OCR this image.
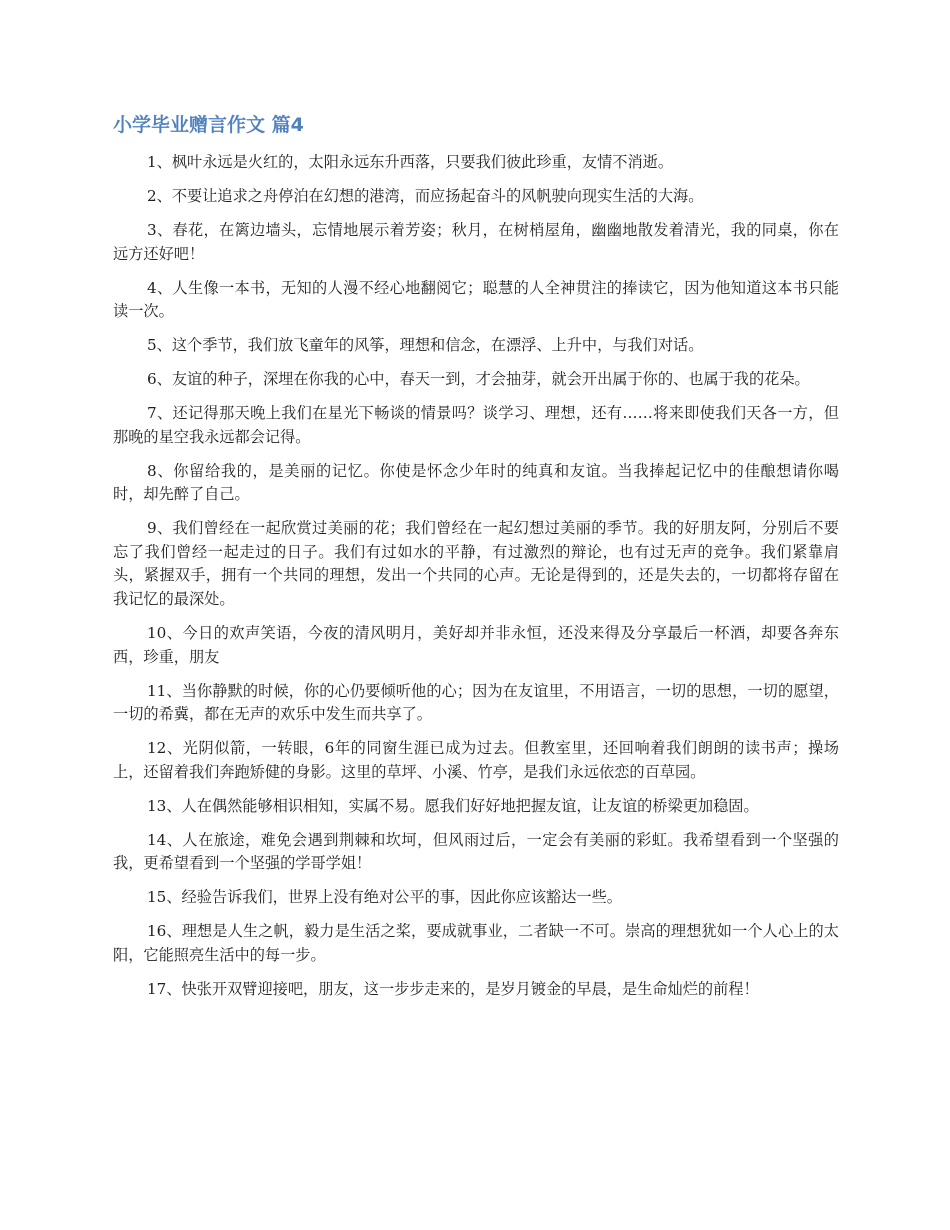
小学毕业赠言作文 篇4

1、枫叶永远是火红的，太阳永远东升西落，只要我们彼此珍重，友情不消逝。

2、不要让追求之舟停泊在幻想的港湾，而应扬起奋斗的风帆驶向现实生活的大海。

3、春花，在篱边墙头，忘情地展示着芳姿；秋月，在树梢屋角，幽幽地散发着清光，我的同桌，你在远方还好吧！

4、人生像一本书，无知的人漫不经心地翻阅它；聪慧的人全神贯注的捧读它，因为他知道这本书只能读一次。

5、这个季节，我们放飞童年的风筝，理想和信念，在漂浮、上升中，与我们对话。

6、友谊的种子，深埋在你我的心中，春天一到，才会抽芽，就会开出属于你的、也属于我的花朵。

7、还记得那天晚上我们在星光下畅谈的情景吗？谈学习、理想，还有……将来即使我们天各一方，但那晚的星空我永远都会记得。

8、你留给我的，是美丽的记忆。你使是怀念少年时的纯真和友谊。当我捧起记忆中的佳酿想请你喝时，却先醉了自己。

9、我们曾经在一起欣赏过美丽的花；我们曾经在一起幻想过美丽的季节。我的好朋友阿，分别后不要忘了我们曾经一起走过的日子。我们有过如水的平静，有过激烈的辩论，也有过无声的竞争。我们紧靠肩头，紧握双手，拥有一个共同的理想，发出一个共同的心声。无论是得到的，还是失去的，一切都将存留在我记忆的最深处。

10、今日的欢声笑语，今夜的清风明月，美好却并非永恒，还没来得及分享最后一杯酒，却要各奔东西，珍重，朋友

11、当你静默的时候，你的心仍要倾听他的心；因为在友谊里，不用语言，一切的思想，一切的愿望，一切的希冀，都在无声的欢乐中发生而共享了。

12、光阴似箭，一转眼，6年的同窗生涯已成为过去。但教室里，还回响着我们朗朗的读书声；操场上，还留着我们奔跑矫健的身影。这里的草坪、小溪、竹亭，是我们永远依恋的百草园。

13、人在偶然能够相识相知，实属不易。愿我们好好地把握友谊，让友谊的桥梁更加稳固。

14、人在旅途，难免会遇到荆棘和坎坷，但风雨过后，一定会有美丽的彩虹。我希望看到一个坚强的我，更希望看到一个坚强的学哥学姐！

15、经验告诉我们，世界上没有绝对公平的事，因此你应该豁达一些。

16、理想是人生之帆，毅力是生活之桨，要成就事业，二者缺一不可。崇高的理想犹如一个人心上的太阳，它能照亮生活中的每一步。

17、快张开双臂迎接吧，朋友，这一步步走来的，是岁月镀金的早晨，是生命灿烂的前程！
